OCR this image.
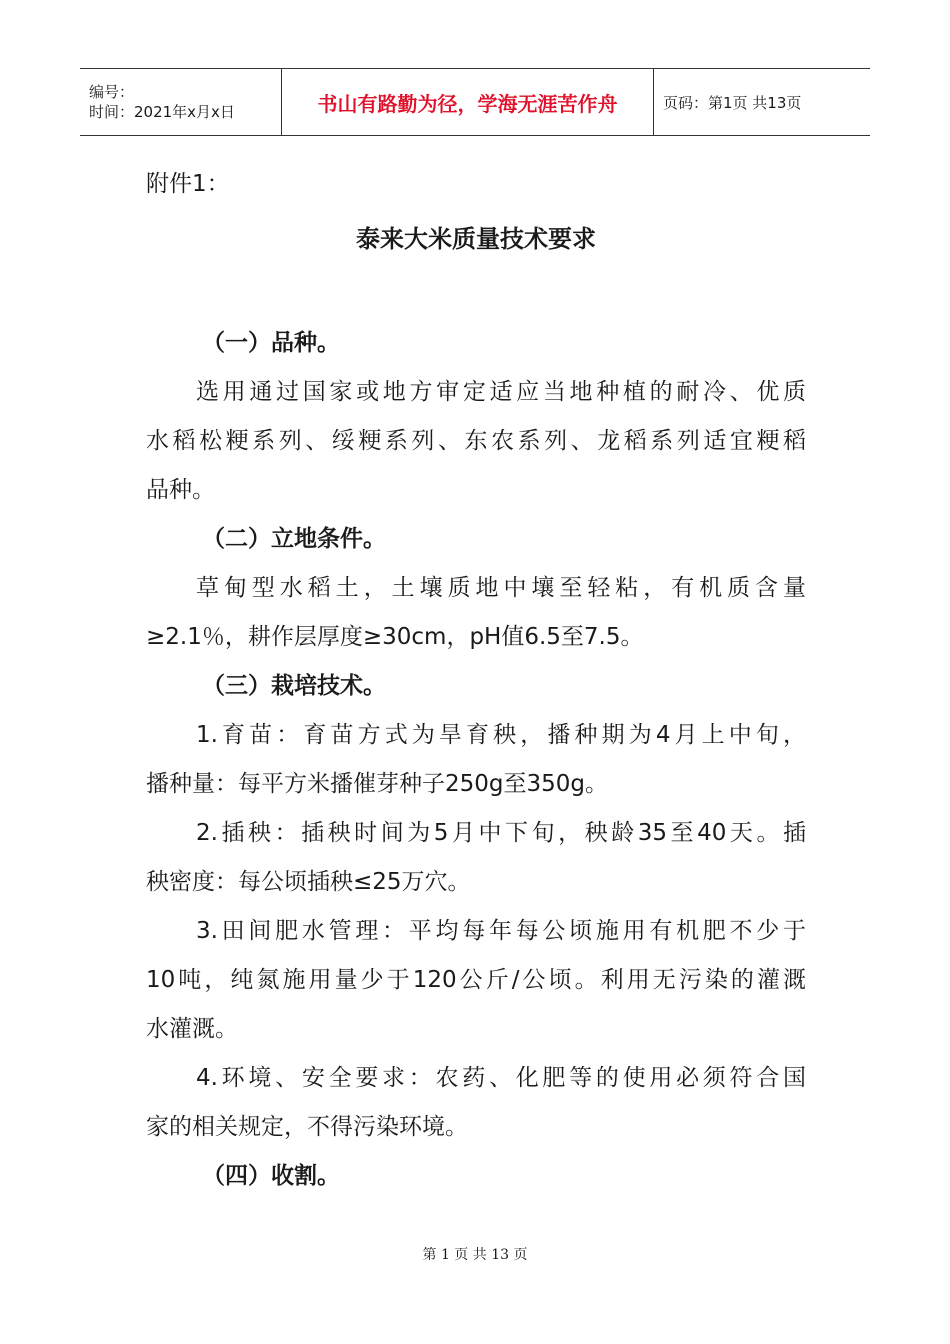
编号：
时间：2021年x月x日	书山有路勤为径，学海无涯苦作舟	页码：第1页 共13页
附件1：
泰来大米质量技术要求
（一）品种。
选用通过国家或地方审定适应当地种植的耐冷、优质
水稻松粳系列、绥粳系列、东农系列、龙稻系列适宜粳稻
品种。
（二）立地条件。
草甸型水稻土，土壤质地中壤至轻粘，有机质含量
≥2.1％，耕作层厚度≥30cm，pH值6.5至7.5。
（三）栽培技术。
1.育苗：育苗方式为旱育秧，播种期为4月上中旬，
播种量：每平方米播催芽种子250g至350g。
2.插秧：插秧时间为5月中下旬，秧龄35至40天。插
秧密度：每公顷插秧≤25万穴。
3.田间肥水管理：平均每年每公顷施用有机肥不少于
10吨，纯氮施用量少于120公斤/公顷。利用无污染的灌溉
水灌溉。
4.环境、安全要求：农药、化肥等的使用必须符合国
家的相关规定，不得污染环境。
（四）收割。
第 1 页 共 13 页
